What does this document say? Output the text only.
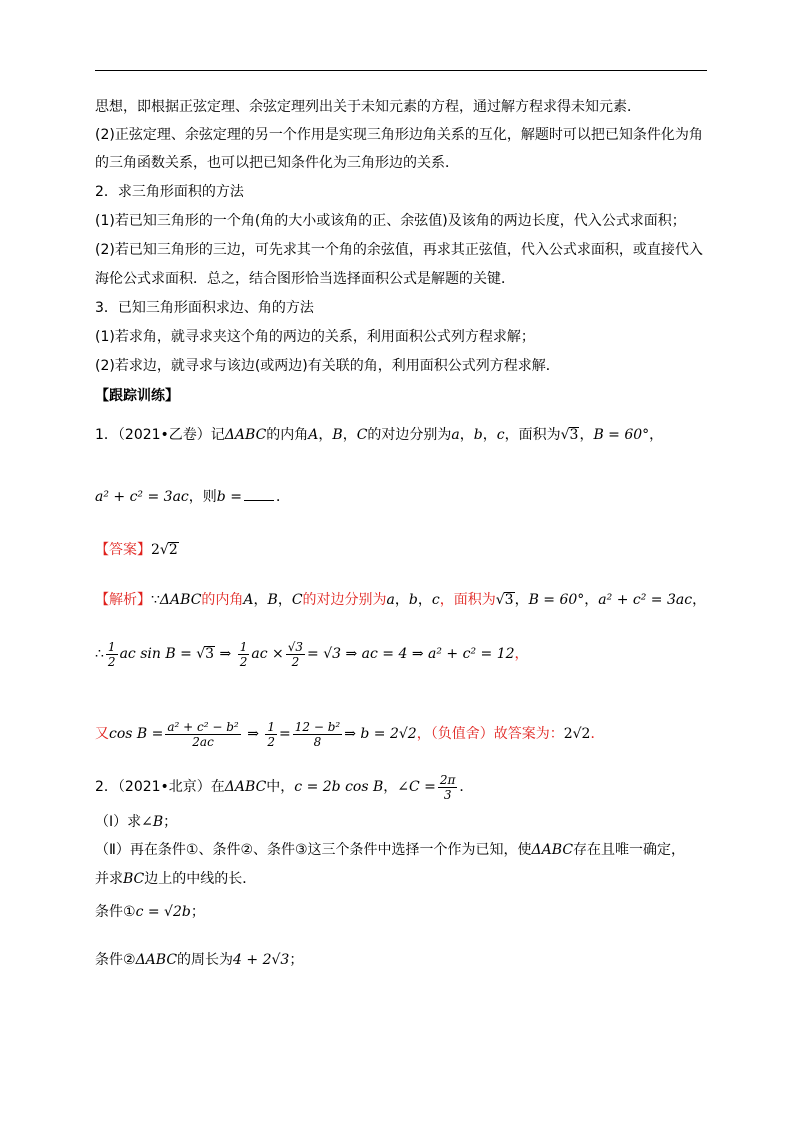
思想，即根据正弦定理、余弦定理列出关于未知元素的方程，通过解方程求得未知元素．
(2)正弦定理、余弦定理的另一个作用是实现三角形边角关系的互化，解题时可以把已知条件化为角
的三角函数关系，也可以把已知条件化为三角形边的关系．
2．求三角形面积的方法
(1)若已知三角形的一个角(角的大小或该角的正、余弦值)及该角的两边长度，代入公式求面积；
(2)若已知三角形的三边，可先求其一个角的余弦值，再求其正弦值，代入公式求面积，或直接代入
海伦公式求面积．总之，结合图形恰当选择面积公式是解题的关键．
3．已知三角形面积求边、角的方法
(1)若求角，就寻求夹这个角的两边的关系，利用面积公式列方程求解；
(2)若求边，就寻求与该边(或两边)有关联的角，利用面积公式列方程求解．
【跟踪训练】
1．（2021•乙卷）记ΔABC的内角A，B，C的对边分别为a，b，c，面积为√3，B = 60°，
a² + c² = 3ac，则b = ．
【答案】2√2
【解析】∵ΔABC的内角A，B，C的对边分别为a，b，c，面积为√3，B = 60°，a² + c² = 3ac，
∴ $\frac{1}{2}$ ac sin B = √3 ⇒ $\frac{1}{2}$ ac × $\frac{√3}{2} = √3$ ⇒ ac = 4 ⇒ a² + c² = 12，
又$\cos B = \frac{\text{a² + c² − b²}}{2ac}$ ⇒ $\frac{1}{2} = \frac{\text{12 − b²}}{8}$ ⇒ b = 2√2，（负值舍）故答案为：2√2．
2．（2021•北京）在ΔABC中，c = 2b cos B，∠C = $\frac{2\pi}{3}$ ．
（Ⅰ）求∠B；
（Ⅱ）再在条件①、条件②、条件③这三个条件中选择一个作为已知，使ΔABC存在且唯一确定，
并求BC边上的中线的长．
条件①c = √2b；
条件②ΔABC的周长为4 + 2√3；
